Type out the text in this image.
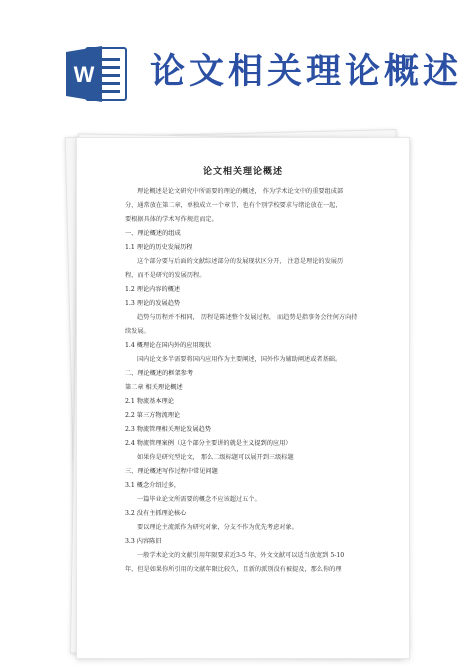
W 论文相关理论概述
论文相关理论概述
理论概述是论文研究中所需要的理论的概述， 作为学术论文中的重要组成部
分，通常放在第二章，单独成立一个章节，也有个别学校要求与绪论放在一起，
要根据具体的学术写作规范而定。
一、理论概述的组成
1.1 理论的历史发展历程
这个部分要与后面的文献综述部分的发展现状区分开， 注意是理论的发展历
程，而不是研究的发展历程。
1.2 理论内容的概述
1.3 理论的发展趋势
趋势与历程并不相同， 历程是陈述整个发展过程， 而趋势是指事务会往何方向持
续发展。
1.4 概理论在国内外的应用现状
国内论文多半需要将国内应用作为主要阐述，国外作为辅助阐述或者基础。
二、理论概述的框架参考
第二章 相关理论概述
2.1 物流基本理论
2.2 第三方物流理论
2.3 物流管理相关理论发展趋势
2.4 物流管理案例（这个部分主要讲的就是主义提到的应用）
如果你是研究型论文， 那么二级标题可以展开到三级标题
三、理论概述写作过程中常见问题
3.1 概念介绍过多，
一篇毕业论文所需要的概念不应该超过五个。
3.2 没有主抓理论核心
要以理论主流派作为研究对象，分支不作为优先考虑对象。
3.3 内容陈旧
一般学术论文的文献引用年限要求近3-5 年，外文文献可以适当放宽到 5-10
年，但是如果你所引用的文献年限比较久，且新的派别没有被提及，那么你的理
